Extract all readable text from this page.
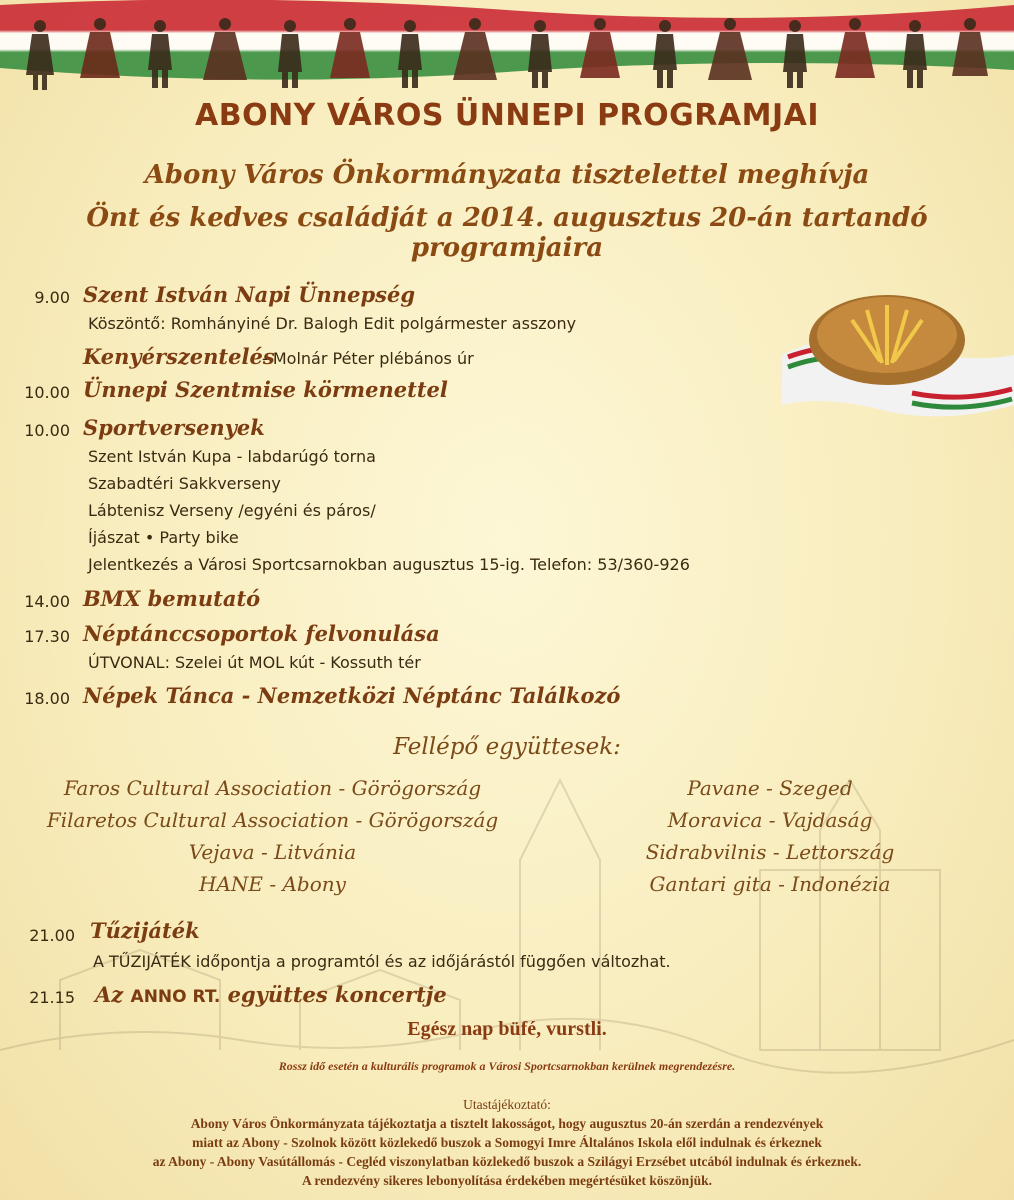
ABONY VÁROS ÜNNEPI PROGRAMJAI
Abony Város Önkormányzata tisztelettel meghívja
Önt és kedves családját a 2014. augusztus 20-án tartandó programjaira
9.00 Szent István Napi Ünnepség
Köszöntő: Romhányiné Dr. Balogh Edit polgármester asszony
Kenyérszentelés
- Molnár Péter plébános úr
10.00 Ünnepi Szentmise körmenettel
10.00 Sportversenyek
Szent István Kupa - labdarúgó torna
Szabadtéri Sakkverseny
Lábtenisz Verseny /egyéni és páros/
Íjászat • Party bike
Jelentkezés a Városi Sportcsarnokban augusztus 15-ig. Telefon: 53/360-926
14.00 BMX bemutató
17.30 Néptánccsoportok felvonulása
ÚTVONAL: Szelei út MOL kút - Kossuth tér
18.00 Népek Tánca - Nemzetközi Néptánc Találkozó
Fellépő együttesek:
Faros Cultural Association - Görögország
Filaretos Cultural Association - Görögország
Vejava - Litvánia
HANE - Abony
Pavane - Szeged
Moravica - Vajdaság
Sidrabvilnis - Lettország
Gantari gita - Indonézia
21.00 Tűzijáték
A TŰZIJÁTÉK időpontja a programtól és az időjárástól függően változhat.
21.15 Az ANNO RT. együttes koncertje
Egész nap büfé, vurstli.
Rossz idő esetén a kulturális programok a Városi Sportcsarnokban kerülnek megrendezésre.
Utastájékoztató:
Abony Város Önkormányzata tájékoztatja a tisztelt lakosságot, hogy augusztus 20-án szerdán a rendezvények
miatt az Abony - Szolnok között közlekedő buszok a Somogyi Imre Általános Iskola elől indulnak és érkeznek
az Abony - Abony Vasútállomás - Cegléd viszonylatban közlekedő buszok a Szilágyi Erzsébet utcából indulnak és érkeznek.
A rendezvény sikeres lebonyolítása érdekében megértésüket köszönjük.
